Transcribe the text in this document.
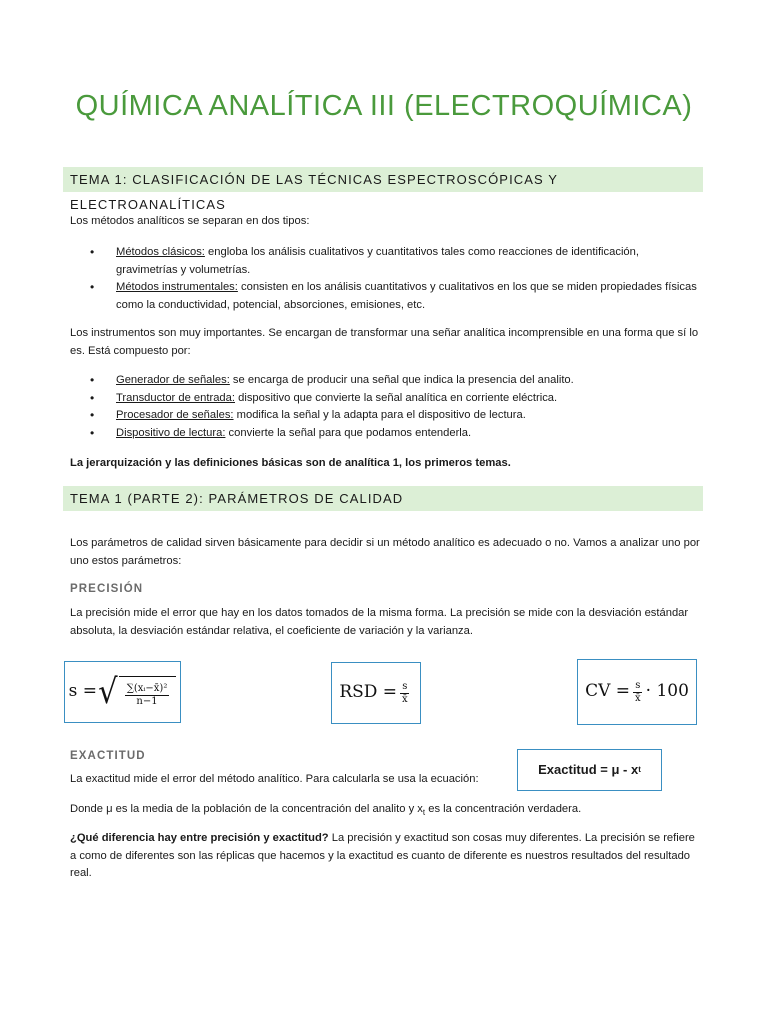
QUÍMICA ANALÍTICA III (ELECTROQUÍMICA)
TEMA 1: CLASIFICACIÓN DE LAS TÉCNICAS ESPECTROSCÓPICAS Y ELECTROANALÍTICAS

Los métodos analíticos se separan en dos tipos:

• Métodos clásicos: engloba los análisis cualitativos y cuantitativos tales como reacciones de identificación, gravimetrías y volumetrías.
• Métodos instrumentales: consisten en los análisis cuantitativos y cualitativos en los que se miden propiedades físicas como la conductividad, potencial, absorciones, emisiones, etc.

Los instrumentos son muy importantes. Se encargan de transformar una señar analítica incomprensible en una forma que sí lo es. Está compuesto por:

• Generador de señales: se encarga de producir una señal que indica la presencia del analito.
• Transductor de entrada: dispositivo que convierte la señal analítica en corriente eléctrica.
• Procesador de señales: modifica la señal y la adapta para el dispositivo de lectura.
• Dispositivo de lectura: convierte la señal para que podamos entenderla.

La jerarquización y las definiciones básicas son de analítica 1, los primeros temas.

TEMA 1 (PARTE 2): PARÁMETROS DE CALIDAD

Los parámetros de calidad sirven básicamente para decidir si un método analítico es adecuado o no. Vamos a analizar uno por uno estos parámetros:

PRECISIÓN

La precisión mide el error que hay en los datos tomados de la misma forma. La precisión se mide con la desviación estándar absoluta, la desviación estándar relativa, el coeficiente de variación y la varianza.

s = √ $\frac{\text{∑(xᵢ−x̄)²}}{n-1}$	RSD = $\frac{s}{x̄}$	CV = $\frac{s}{x̄} \cdot 100$
EXACTITUD

La exactitud mide el error del método analítico. Para calcularla se usa la ecuación:

Exactitud = μ - x t

Donde μ es la media de la población de la concentración del analito y $x_t$ es la concentración verdadera.

¿Qué diferencia hay entre precisión y exactitud? La precisión y exactitud son cosas muy diferentes. La precisión se refiere a como de diferentes son las réplicas que hacemos y la exactitud es cuanto de diferente es nuestros resultados del resultado real.
